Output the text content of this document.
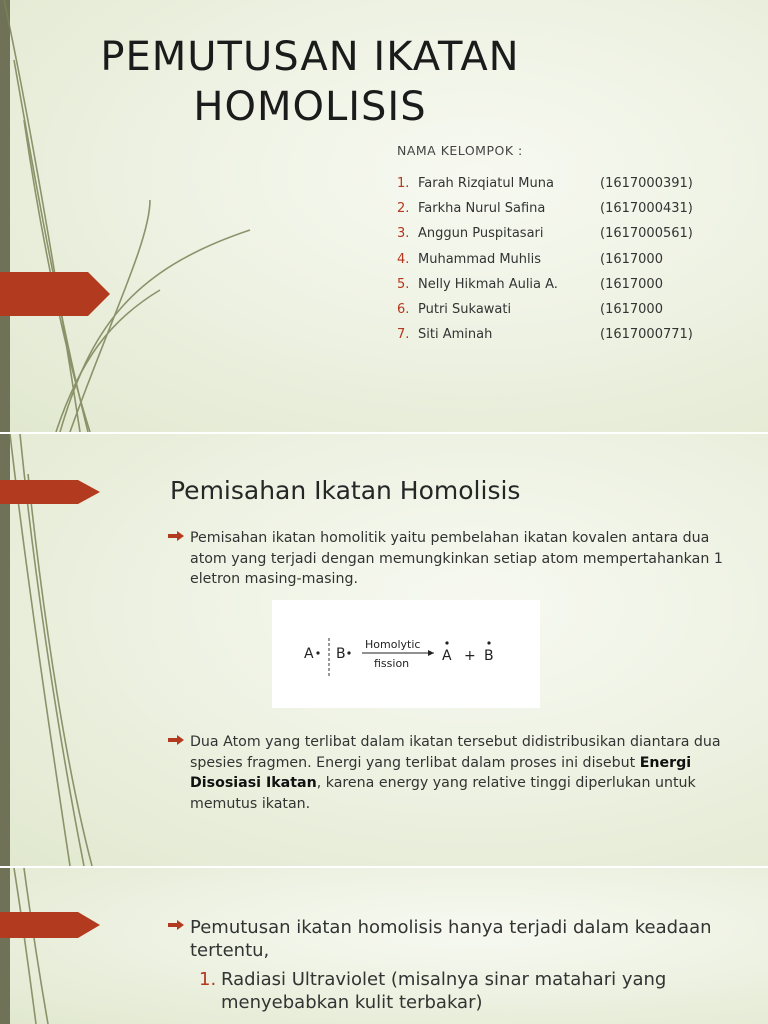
PEMUTUSAN IKATAN
HOMOLISIS
NAMA KELOMPOK :
1. Farah Rizqiatul Muna	(1617000391)
2. Farkha Nurul Safina	(1617000431)
3. Anggun Puspitasari	(1617000561)
4. Muhammad Muhlis	(1617000
5. Nelly Hikmah Aulia A.	(1617000
6. Putri Sukawati	(1617000
7. Siti Aminah	(1617000771)
Pemisahan Ikatan Homolisis
Pemisahan ikatan homolitik yaitu pembelahan ikatan kovalen antara dua atom yang terjadi dengan memungkinkan setiap atom mempertahankan 1 eletron masing-masing.
A B
Homolytic
fission A + B
Dua Atom yang terlibat dalam ikatan tersebut didistribusikan diantara dua spesies fragmen. Energi yang terlibat dalam proses ini disebut Energi Disosiasi Ikatan, karena energy yang relative tinggi diperlukan untuk memutus ikatan.
Pemutusan ikatan homolisis hanya terjadi dalam keadaan tertentu,
1. Radiasi Ultraviolet (misalnya sinar matahari yang menyebabkan kulit terbakar)
